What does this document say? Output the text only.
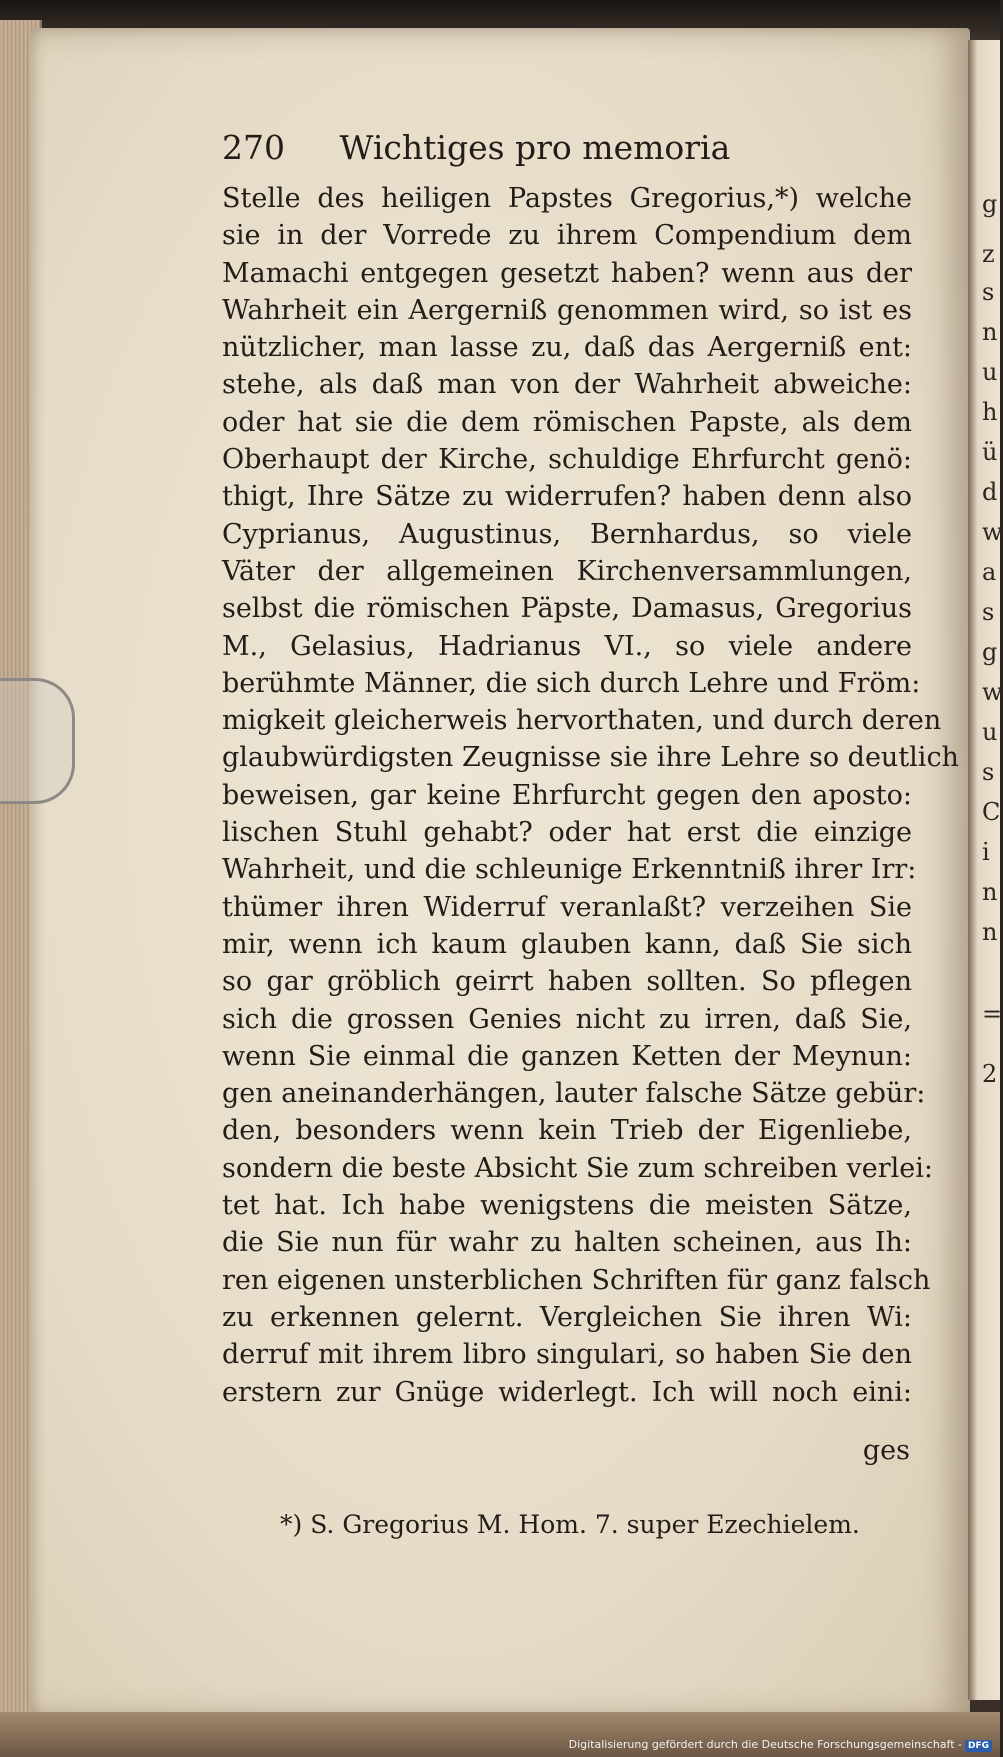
g
z
s
n
u
h
ü
d
w
a
s
g
w
u
s
C
i
n
n
=
2
270 Wichtiges pro memoria
Stelle des heiligen Papstes Gregorius,*) welche
sie in der Vorrede zu ihrem Compendium dem
Mamachi entgegen gesetzt haben? wenn aus der
Wahrheit ein Aergerniß genommen wird, so ist es
nützlicher, man lasse zu, daß das Aergerniß ent:
stehe, als daß man von der Wahrheit abweiche:
oder hat sie die dem römischen Papste, als dem
Oberhaupt der Kirche, schuldige Ehrfurcht genö:
thigt, Ihre Sätze zu widerrufen? haben denn also
Cyprianus, Augustinus, Bernhardus, so viele
Väter der allgemeinen Kirchenversammlungen,
selbst die römischen Päpste, Damasus, Gregorius
M., Gelasius, Hadrianus VI., so viele andere
berühmte Männer, die sich durch Lehre und Fröm:
migkeit gleicherweis hervorthaten, und durch deren
glaubwürdigsten Zeugnisse sie ihre Lehre so deutlich
beweisen, gar keine Ehrfurcht gegen den aposto:
lischen Stuhl gehabt? oder hat erst die einzige
Wahrheit, und die schleunige Erkenntniß ihrer Irr:
thümer ihren Widerruf veranlaßt? verzeihen Sie
mir, wenn ich kaum glauben kann, daß Sie sich
so gar gröblich geirrt haben sollten. So pflegen
sich die grossen Genies nicht zu irren, daß Sie,
wenn Sie einmal die ganzen Ketten der Meynun:
gen aneinanderhängen, lauter falsche Sätze gebür:
den, besonders wenn kein Trieb der Eigenliebe,
sondern die beste Absicht Sie zum schreiben verlei:
tet hat. Ich habe wenigstens die meisten Sätze,
die Sie nun für wahr zu halten scheinen, aus Ih:
ren eigenen unsterblichen Schriften für ganz falsch
zu erkennen gelernt. Vergleichen Sie ihren Wi:
derruf mit ihrem libro singulari, so haben Sie den
erstern zur Gnüge widerlegt. Ich will noch eini:
ges
*) S. Gregorius M. Hom. 7. super Ezechielem.
Digitalisierung gefördert durch die Deutsche Forschungsgemeinschaft - DFG
